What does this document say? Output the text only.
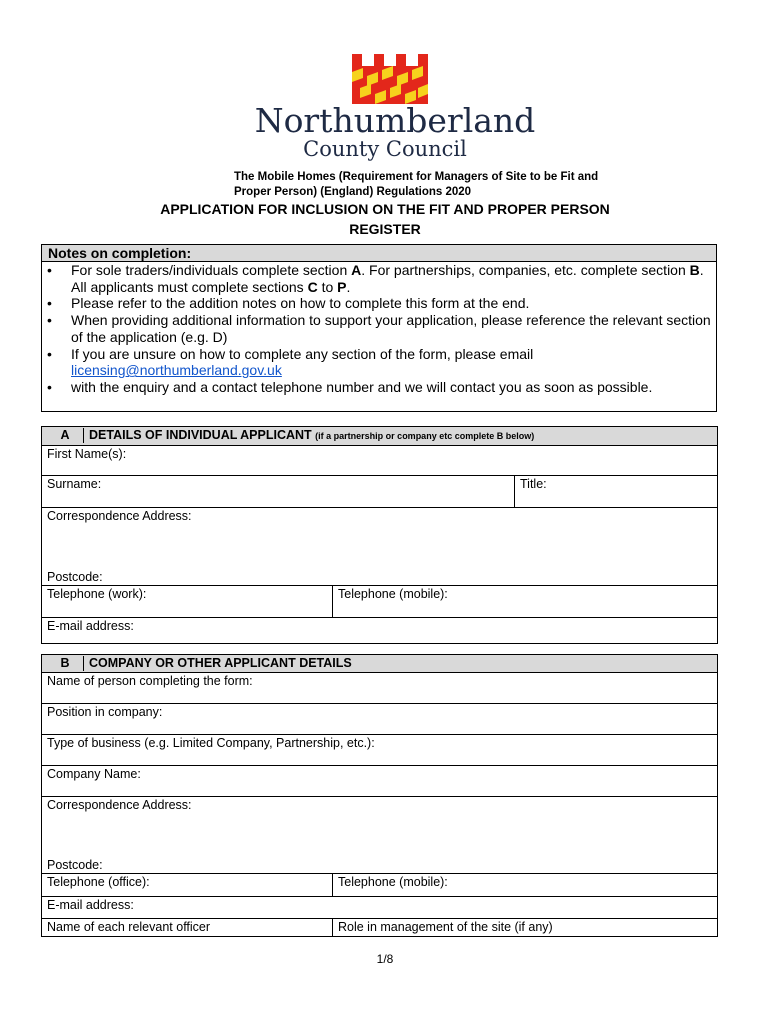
Northumberland
County Council
The Mobile Homes (Requirement for Managers of Site to be Fit and
Proper Person) (England) Regulations 2020
APPLICATION FOR INCLUSION ON THE FIT AND PROPER PERSON
REGISTER
Notes on completion:
• For sole traders/individuals complete section A. For partnerships, companies, etc. complete section B. All applicants must complete sections C to P.
• Please refer to the addition notes on how to complete this form at the end.
• When providing additional information to support your application, please reference the relevant section of the application (e.g. D)
• If you are unsure on how to complete any section of the form, please email
licensing@northumberland.gov.uk
• with the enquiry and a contact telephone number and we will contact you as soon as possible.
A DETAILS OF INDIVIDUAL APPLICANT (if a partnership or company etc complete B below)		
First Name(s):		
Surname:		Title:
Correspondence Address:
Postcode:		

Telephone (work):	Telephone (mobile):	
E-mail address:		
B COMPANY OR OTHER APPLICANT DETAILS	
Name of person completing the form:	
Position in company:	
Type of business (e.g. Limited Company, Partnership, etc.):	
Company Name:	
Correspondence Address:
Postcode:	

Telephone (office):	Telephone (mobile):
E-mail address:	
Name of each relevant officer	Role in management of the site (if any)
1/8
